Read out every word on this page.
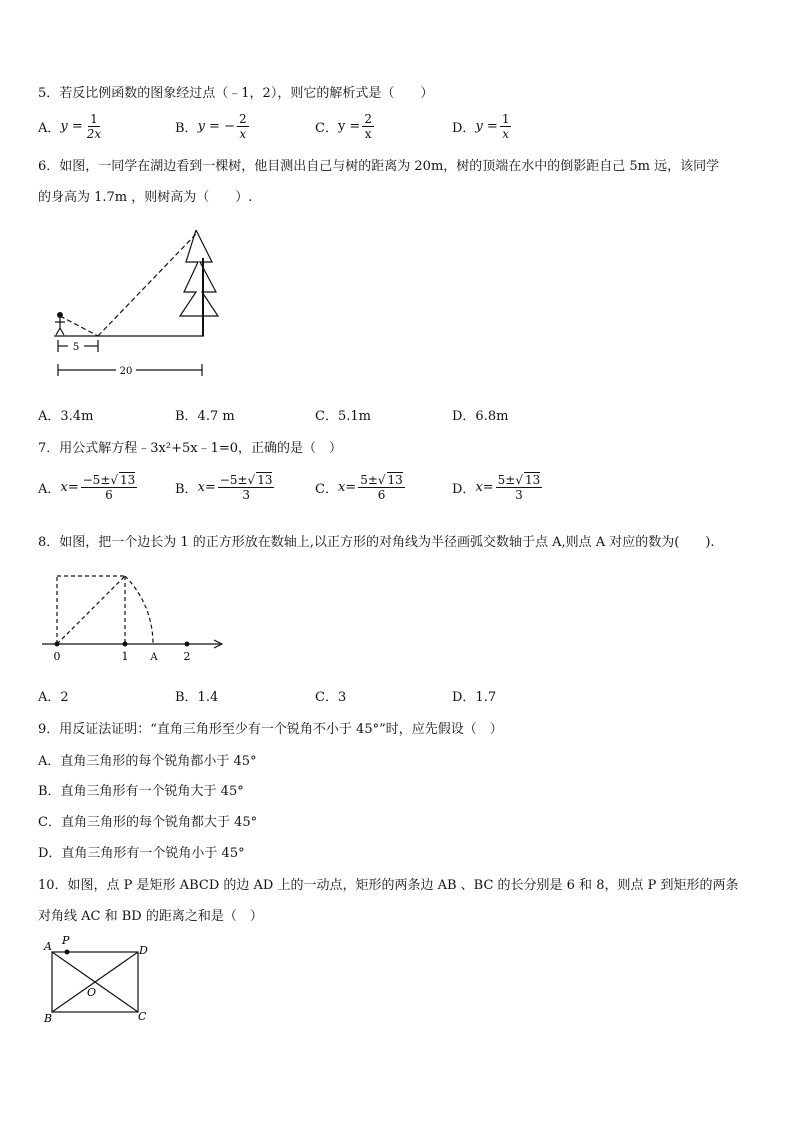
5．若反比例函数的图象经过点（﹣1，2），则它的解析式是（　　）
A． $y = \frac{1}{2x}$	B． y = − $\frac{2}{x}$	C． $y = \frac{2}{x}$	D． $y = \frac{1}{x}$
6．如图，一同学在湖边看到一棵树，他目测出自己与树的距离为 20m，树的顶端在水中的倒影距自己 5m 远，该同学
的身高为 1.7m ，则树高为（　　）.
5
20
A．3.4m	B．4.7 m	C．5.1m	D．6.8m
7．用公式解方程﹣3x²+5x﹣1=0，正确的是（　）
A． $x= \frac{-5\pm√ 13}{6}$	B． $x= \frac{-5\pm√ 13}{3}$	C． $x= \frac{5\pm√ 13}{6}$	D． $x= \frac{5\pm√ 13}{3}$
8．如图，把一个边长为 1 的正方形放在数轴上,以正方形的对角线为半径画弧交数轴于点 A,则点 A 对应的数为(　　).
0	1 A 2
A．2	B．1.4	C．3	D．1.7
9．用反证法证明：“直角三角形至少有一个锐角不小于 45°”时，应先假设（　）
A．直角三角形的每个锐角都小于 45°
B．直角三角形有一个锐角大于 45°
C．直角三角形的每个锐角都大于 45°
D．直角三角形有一个锐角小于 45°
10．如图，点 P 是矩形 ABCD 的边 AD 上的一动点，矩形的两条边 AB 、BC 的长分别是 6 和 8，则点 P 到矩形的两条
对角线 AC 和 BD 的距离之和是（　）
A P
D
O
B	C
